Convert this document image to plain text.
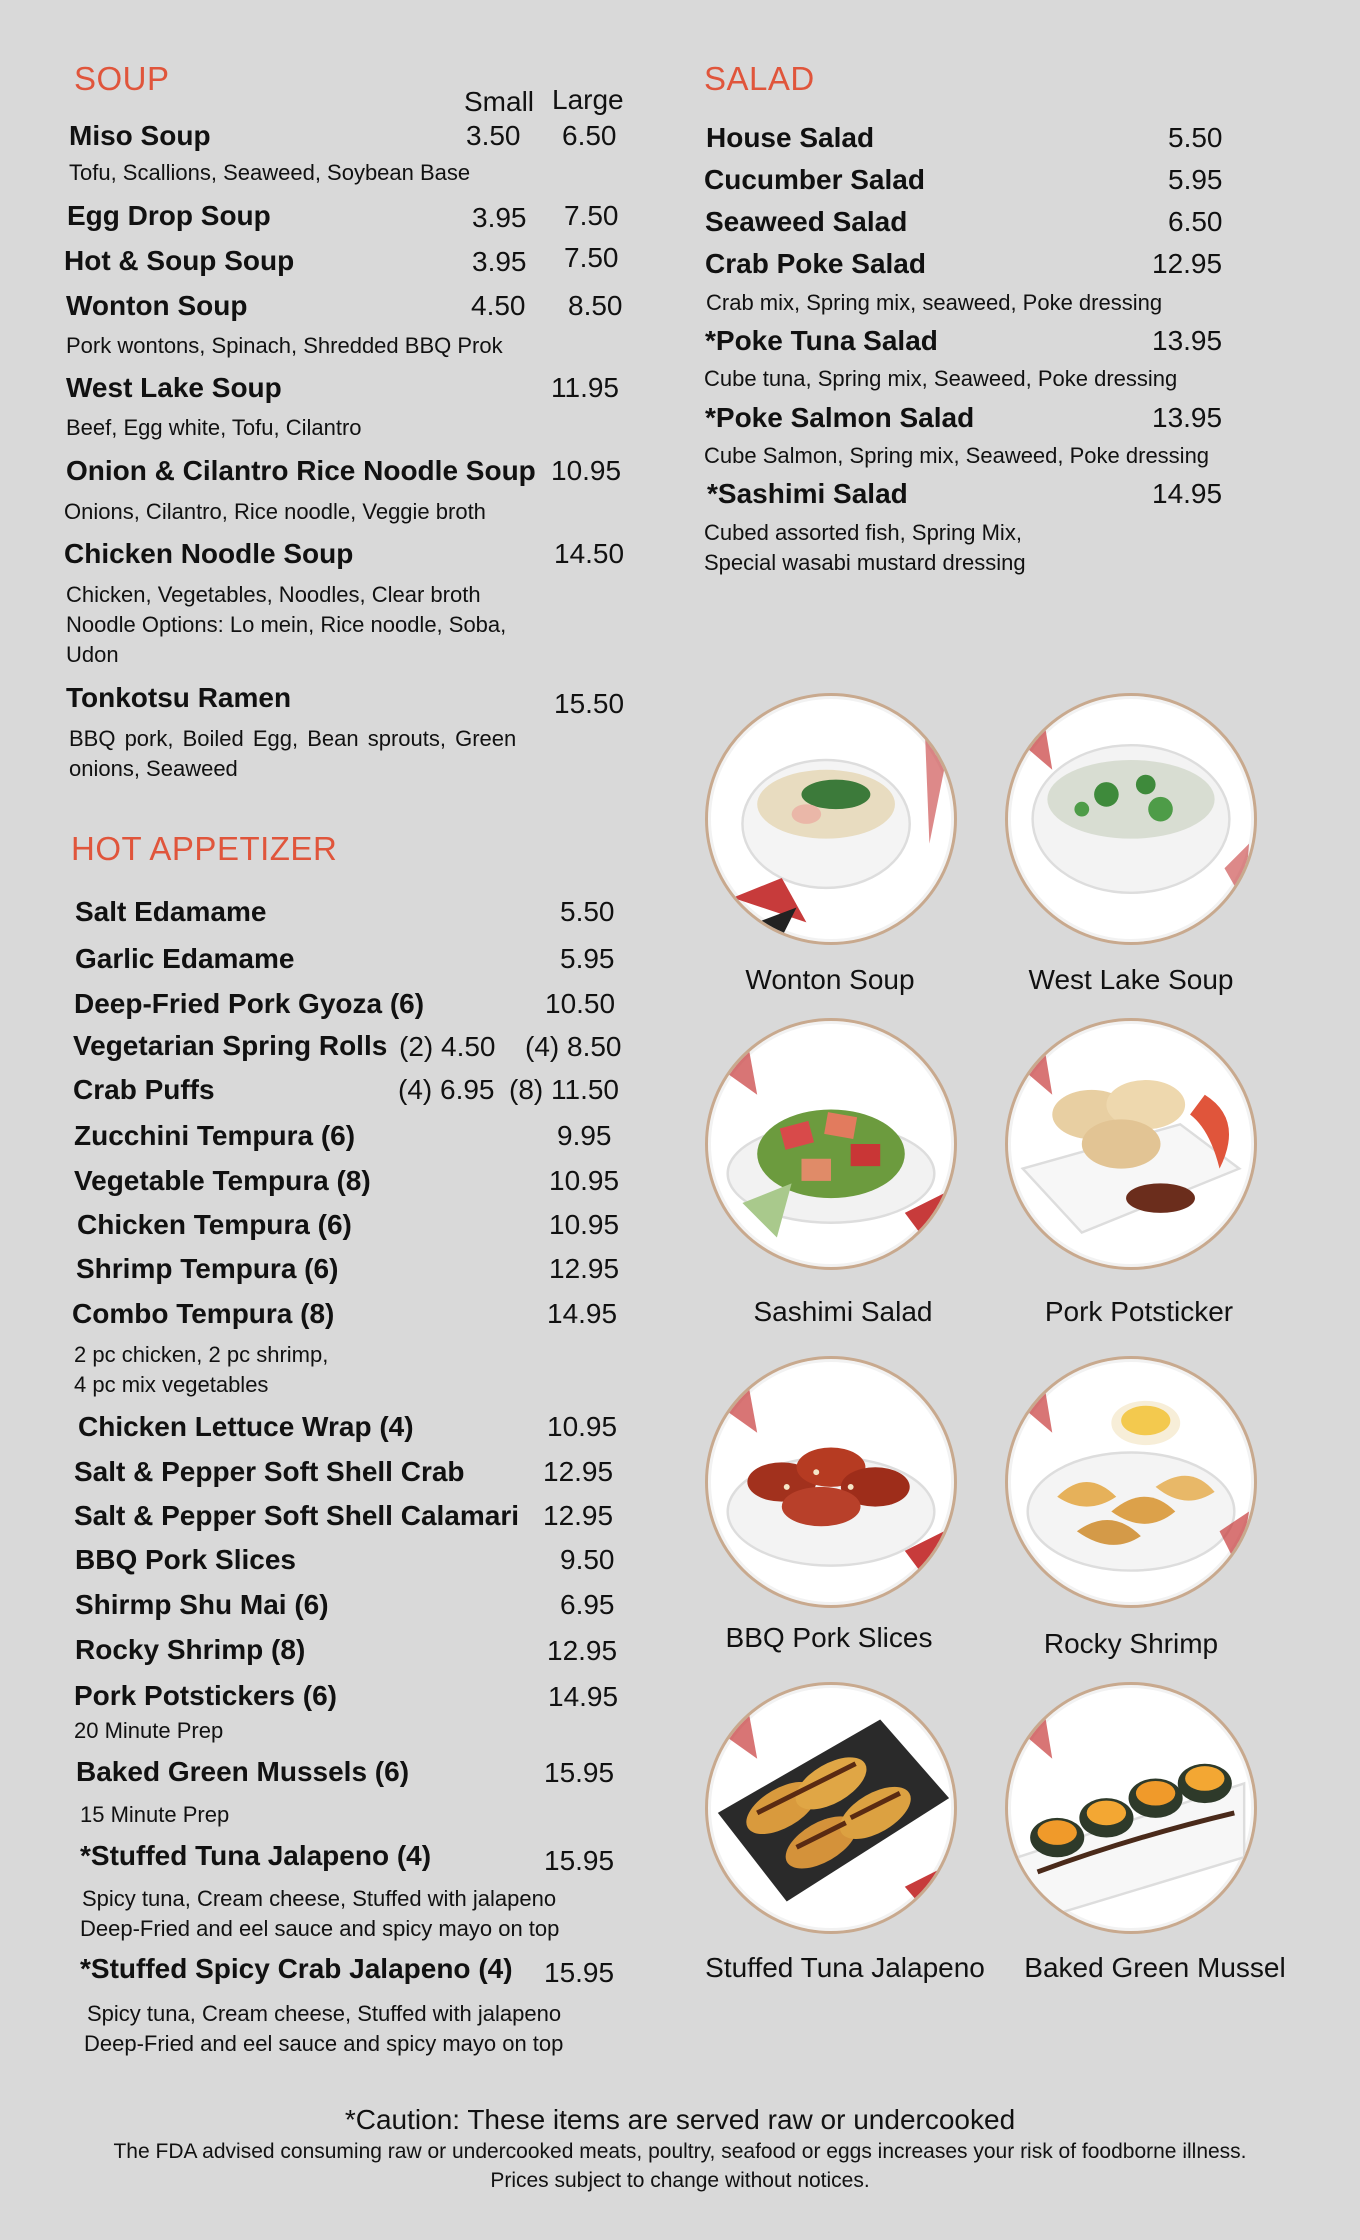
SOUP
Small Large
Miso Soup	3.50 6.50
Tofu, Scallions, Seaweed, Soybean Base
Egg Drop Soup	3.95 7.50
Hot & Soup Soup	3.95 7.50
Wonton Soup	4.50 8.50
Pork wontons, Spinach, Shredded BBQ Prok
West Lake Soup	11.95
Beef, Egg white, Tofu, Cilantro
Onion & Cilantro Rice Noodle Soup 10.95
Onions, Cilantro, Rice noodle, Veggie broth
Chicken Noodle Soup	14.50
Chicken, Vegetables, Noodles, Clear broth
Noodle Options: Lo mein, Rice noodle, Soba,
Udon
Tonkotsu Ramen	15.50
BBQ pork, Boiled Egg, Bean sprouts, Green
onions, Seaweed
SALAD
House Salad	5.50
Cucumber Salad	5.95
Seaweed Salad	6.50
Crab Poke Salad	12.95
Crab mix, Spring mix, seaweed, Poke dressing
*Poke Tuna Salad	13.95
Cube tuna, Spring mix, Seaweed, Poke dressing
*Poke Salmon Salad	13.95
Cube Salmon, Spring mix, Seaweed, Poke dressing
*Sashimi Salad	14.95
Cubed assorted fish, Spring Mix,
Special wasabi mustard dressing
HOT APPETIZER
Salt Edamame	5.50
Garlic Edamame	5.95
Deep-Fried Pork Gyoza (6)	10.50
Vegetarian Spring Rolls (2) 4.50 (4) 8.50
Crab Puffs	(4) 6.95 (8) 11.50
Zucchini Tempura (6)	9.95
Vegetable Tempura (8)	10.95
Chicken Tempura (6)	10.95
Shrimp Tempura (6)	12.95
Combo Tempura (8)	14.95
2 pc chicken, 2 pc shrimp,
4 pc mix vegetables
Chicken Lettuce Wrap (4)	10.95
Salt & Pepper Soft Shell Crab	12.95
Salt & Pepper Soft Shell Calamari 12.95
BBQ Pork Slices	9.50
Shirmp Shu Mai (6)	6.95
Rocky Shrimp (8)	12.95
Pork Potstickers (6)	14.95
20 Minute Prep
Baked Green Mussels (6)	15.95
15 Minute Prep
*Stuffed Tuna Jalapeno (4)	15.95
Spicy tuna, Cream cheese, Stuffed with jalapeno
Deep-Fried and eel sauce and spicy mayo on top
*Stuffed Spicy Crab Jalapeno (4) 15.95
Spicy tuna, Cream cheese, Stuffed with jalapeno
Deep-Fried and eel sauce and spicy mayo on top
Wonton Soup	West Lake Soup
Sashimi Salad	Pork Potsticker
BBQ Pork Slices	Rocky Shrimp
Stuffed Tuna Jalapeno Baked Green Mussel
*Caution: These items are served raw or undercooked
The FDA advised consuming raw or undercooked meats, poultry, seafood or eggs increases your risk of foodborne illness.
Prices subject to change without notices.
